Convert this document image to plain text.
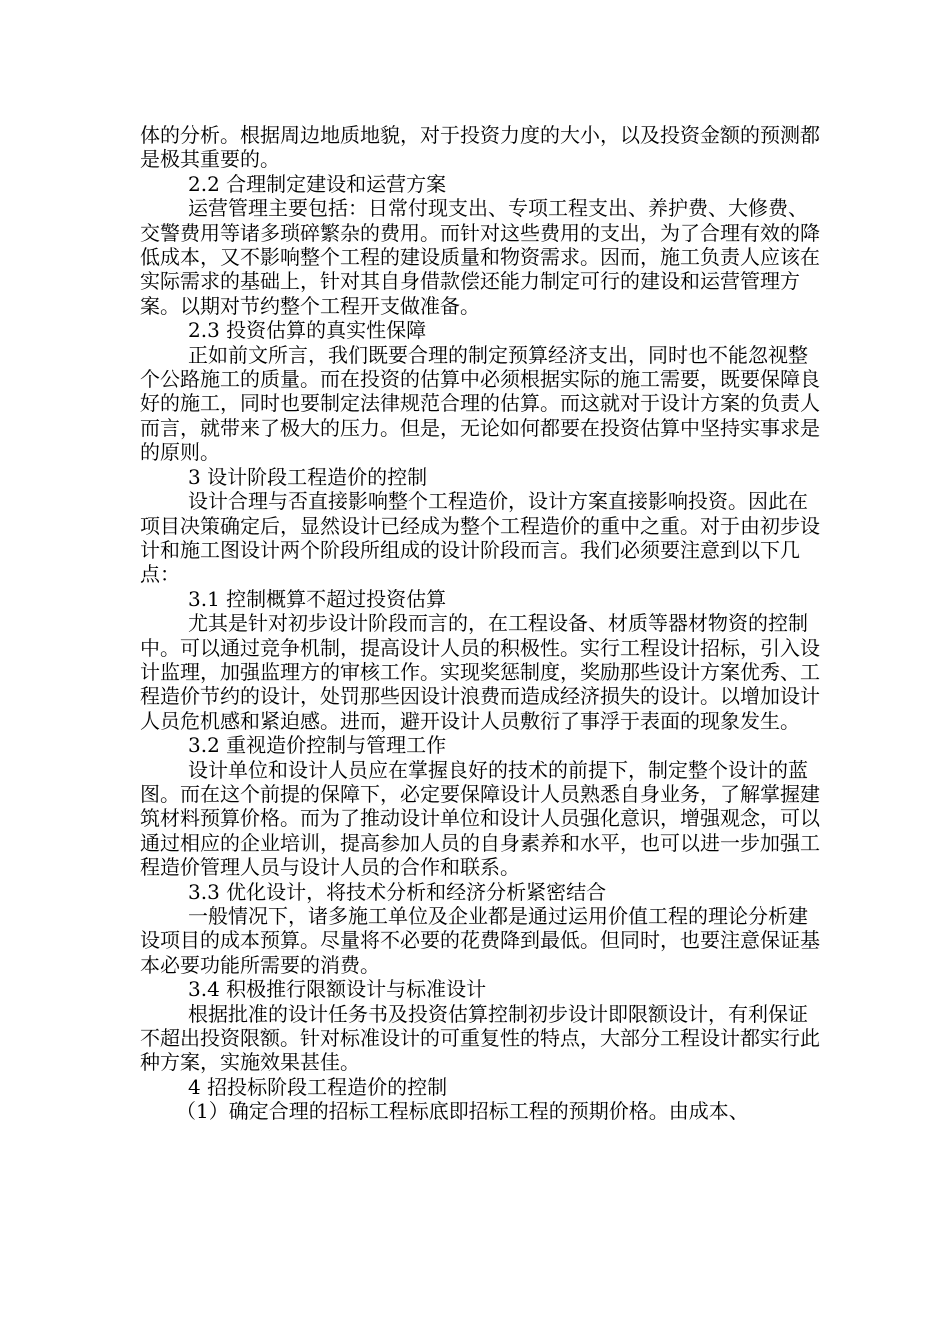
体的分析。根据周边地质地貌，对于投资力度的大小，以及投资金额的预测都是极其重要的。

2.2 合理制定建设和运营方案

运营管理主要包括：日常付现支出、专项工程支出、养护费、大修费、交警费用等诸多琐碎繁杂的费用。而针对这些费用的支出，为了合理有效的降低成本，又不影响整个工程的建设质量和物资需求。因而，施工负责人应该在实际需求的基础上，针对其自身借款偿还能力制定可行的建设和运营管理方案。以期对节约整个工程开支做准备。

2.3 投资估算的真实性保障

正如前文所言，我们既要合理的制定预算经济支出，同时也不能忽视整个公路施工的质量。而在投资的估算中必须根据实际的施工需要，既要保障良好的施工，同时也要制定法律规范合理的估算。而这就对于设计方案的负责人而言，就带来了极大的压力。但是，无论如何都要在投资估算中坚持实事求是的原则。

3 设计阶段工程造价的控制

设计合理与否直接影响整个工程造价，设计方案直接影响投资。因此在项目决策确定后，显然设计已经成为整个工程造价的重中之重。对于由初步设计和施工图设计两个阶段所组成的设计阶段而言。我们必须要注意到以下几点：

3.1 控制概算不超过投资估算

尤其是针对初步设计阶段而言的，在工程设备、材质等器材物资的控制中。可以通过竞争机制，提高设计人员的积极性。实行工程设计招标，引入设计监理，加强监理方的审核工作。实现奖惩制度，奖励那些设计方案优秀、工程造价节约的设计，处罚那些因设计浪费而造成经济损失的设计。以增加设计人员危机感和紧迫感。进而，避开设计人员敷衍了事浮于表面的现象发生。

3.2 重视造价控制与管理工作

设计单位和设计人员应在掌握良好的技术的前提下，制定整个设计的蓝图。而在这个前提的保障下，必定要保障设计人员熟悉自身业务，了解掌握建筑材料预算价格。而为了推动设计单位和设计人员强化意识，增强观念，可以通过相应的企业培训，提高参加人员的自身素养和水平，也可以进一步加强工程造价管理人员与设计人员的合作和联系。

3.3 优化设计，将技术分析和经济分析紧密结合

一般情况下，诸多施工单位及企业都是通过运用价值工程的理论分析建设项目的成本预算。尽量将不必要的花费降到最低。但同时，也要注意保证基本必要功能所需要的消费。

3.4 积极推行限额设计与标准设计

根据批准的设计任务书及投资估算控制初步设计即限额设计，有利保证不超出投资限额。针对标准设计的可重复性的特点，大部分工程设计都实行此种方案，实施效果甚佳。

4 招投标阶段工程造价的控制

（1）确定合理的招标工程标底即招标工程的预期价格。由成本、
